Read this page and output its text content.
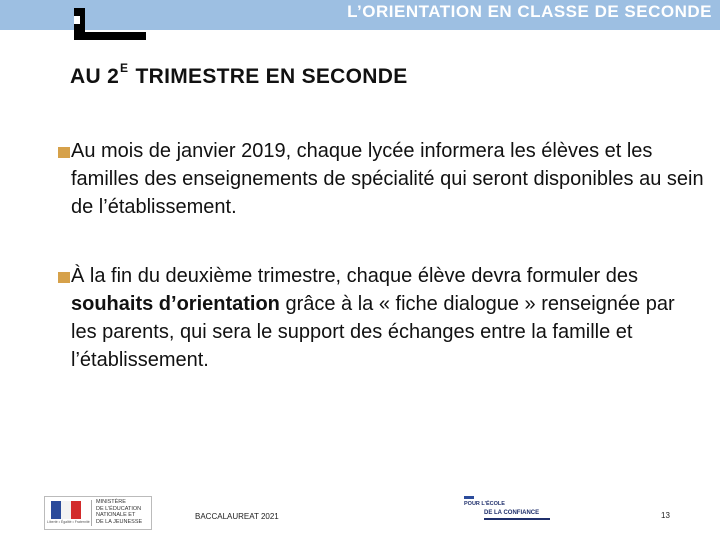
L’ORIENTATION EN CLASSE DE SECONDE
AU $2^E$ TRIMESTRE EN SECONDE
Au mois de janvier 2019, chaque lycée informera les élèves et les familles des enseignements de spécialité qui seront disponibles au sein de l’établissement.
À la fin du deuxième trimestre, chaque élève devra formuler des souhaits d’orientation grâce à la « fiche dialogue » renseignée par les parents, qui sera le support des échanges entre la famille et l’établissement.
Liberté • Égalité • Fraternité
MINISTÈRE
DE L’ÉDUCATION
NATIONALE ET
DE LA JEUNESSE
BACCALAUREAT 2021
POUR L’ÉCOLE
DE LA CONFIANCE	13
